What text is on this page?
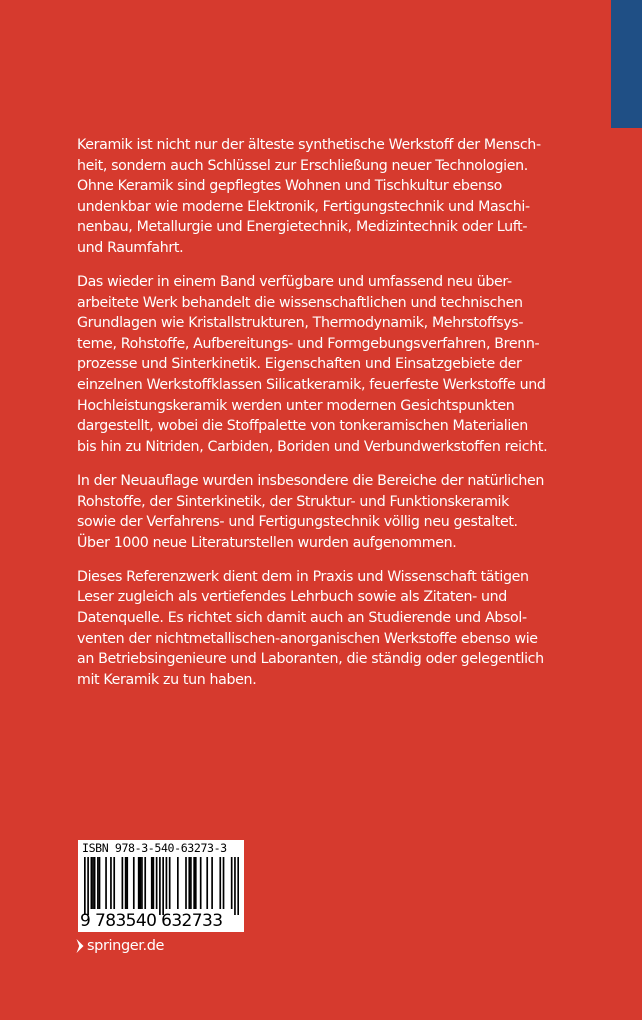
Keramik ist nicht nur der älteste synthetische Werkstoff der Mensch-
heit, sondern auch Schlüssel zur Erschließung neuer Technologien.
Ohne Keramik sind gepflegtes Wohnen und Tischkultur ebenso
undenkbar wie moderne Elektronik, Fertigungstechnik und Maschi-
nenbau, Metallurgie und Energietechnik, Medizintechnik oder Luft-
und Raumfahrt.

Das wieder in einem Band verfügbare und umfassend neu über-
arbeitete Werk behandelt die wissenschaftlichen und technischen
Grundlagen wie Kristallstrukturen, Thermodynamik, Mehrstoffsys-
teme, Rohstoffe, Aufbereitungs- und Formgebungsverfahren, Brenn-
prozesse und Sinterkinetik. Eigenschaften und Einsatzgebiete der
einzelnen Werkstoffklassen Silicatkeramik, feuerfeste Werkstoffe und
Hochleistungskeramik werden unter modernen Gesichtspunkten
dargestellt, wobei die Stoffpalette von tonkeramischen Materialien
bis hin zu Nitriden, Carbiden, Boriden und Verbundwerkstoffen reicht.

In der Neuauflage wurden insbesondere die Bereiche der natürlichen
Rohstoffe, der Sinterkinetik, der Struktur- und Funktionskeramik
sowie der Verfahrens- und Fertigungstechnik völlig neu gestaltet.
Über 1000 neue Literaturstellen wurden aufgenommen.

Dieses Referenzwerk dient dem in Praxis und Wissenschaft tätigen
Leser zugleich als vertiefendes Lehrbuch sowie als Zitaten- und
Datenquelle. Es richtet sich damit auch an Studierende und Absol-
venten der nichtmetallischen-anorganischen Werkstoffe ebenso wie
an Betriebsingenieure und Laboranten, die ständig oder gelegentlich
mit Keramik zu tun haben.

ISBN 978-3-540-63273-3
9 783540 632733
springer.de
